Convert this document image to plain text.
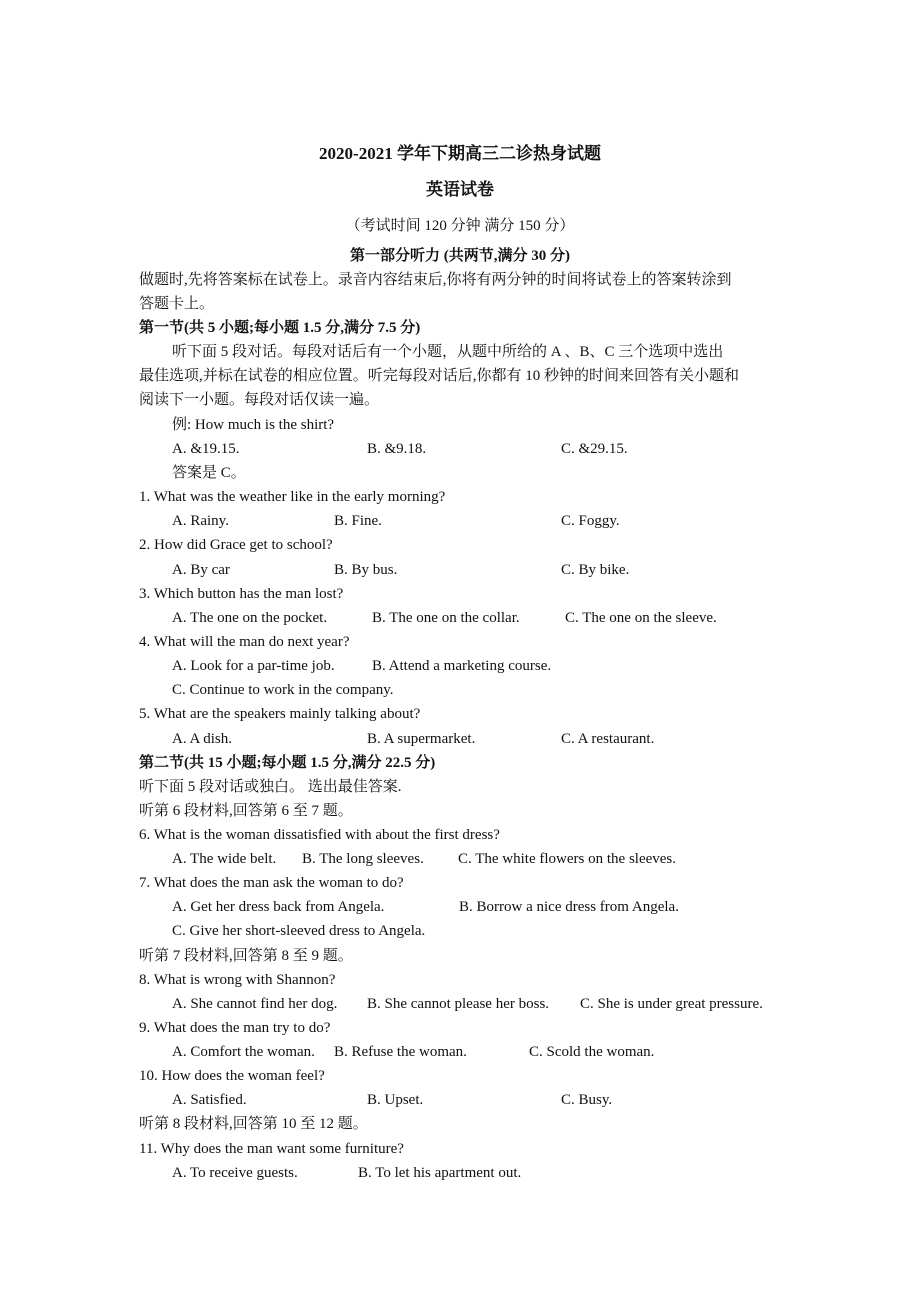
2020-2021 学年下期高三二诊热身试题
英语试卷
（考试时间 120 分钟 满分 150 分）
第一部分听力 (共两节,满分 30 分)
做题时,先将答案标在试卷上。录音内容结束后,你将有两分钟的时间将试卷上的答案转涂到
答题卡上。
第一节(共 5 小题;每小题 1.5 分,满分 7.5 分)
听下面 5 段对话。每段对话后有一个小题，从题中所给的 A 、B、C 三个选项中选出
最佳选项,并标在试卷的相应位置。听完每段对话后,你都有 10 秒钟的时间来回答有关小题和
阅读下一小题。每段对话仅读一遍。
例: How much is the shirt?
A. &19.15.	B. &9.18.	C. &29.15.
答案是 C。
1. What was the weather like in the early morning?
A. Rainy.	B. Fine.	C. Foggy.
2. How did Grace get to school?
A. By car	B. By bus.	C. By bike.
3. Which button has the man lost?
A. The one on the pocket.	B. The one on the collar.	C. The one on the sleeve.
4. What will the man do next year?
A. Look for a par-time job. B. Attend a marketing course.
C. Continue to work in the company.
5. What are the speakers mainly talking about?
A. A dish.	B. A supermarket.	C. A restaurant.
第二节(共 15 小题;每小题 1.5 分,满分 22.5 分)
听下面 5 段对话或独白。 选出最佳答案.
听第 6 段材料,回答第 6 至 7 题。
6. What is the woman dissatisfied with about the first dress?
A. The wide belt. B. The long sleeves. C. The white flowers on the sleeves.
7. What does the man ask the woman to do?
A. Get her dress back from Angela.	B. Borrow a nice dress from Angela.
C. Give her short-sleeved dress to Angela.
听第 7 段材料,回答第 8 至 9 题。
8. What is wrong with Shannon?
A. She cannot find her dog. B. She cannot please her boss. C. She is under great pressure.
9. What does the man try to do?
A. Comfort the woman. B. Refuse the woman.	C. Scold the woman.
10. How does the woman feel?
A. Satisfied.	B. Upset.	C. Busy.
听第 8 段材料,回答第 10 至 12 题。
11. Why does the man want some furniture?
A. To receive guests.	B. To let his apartment out.
